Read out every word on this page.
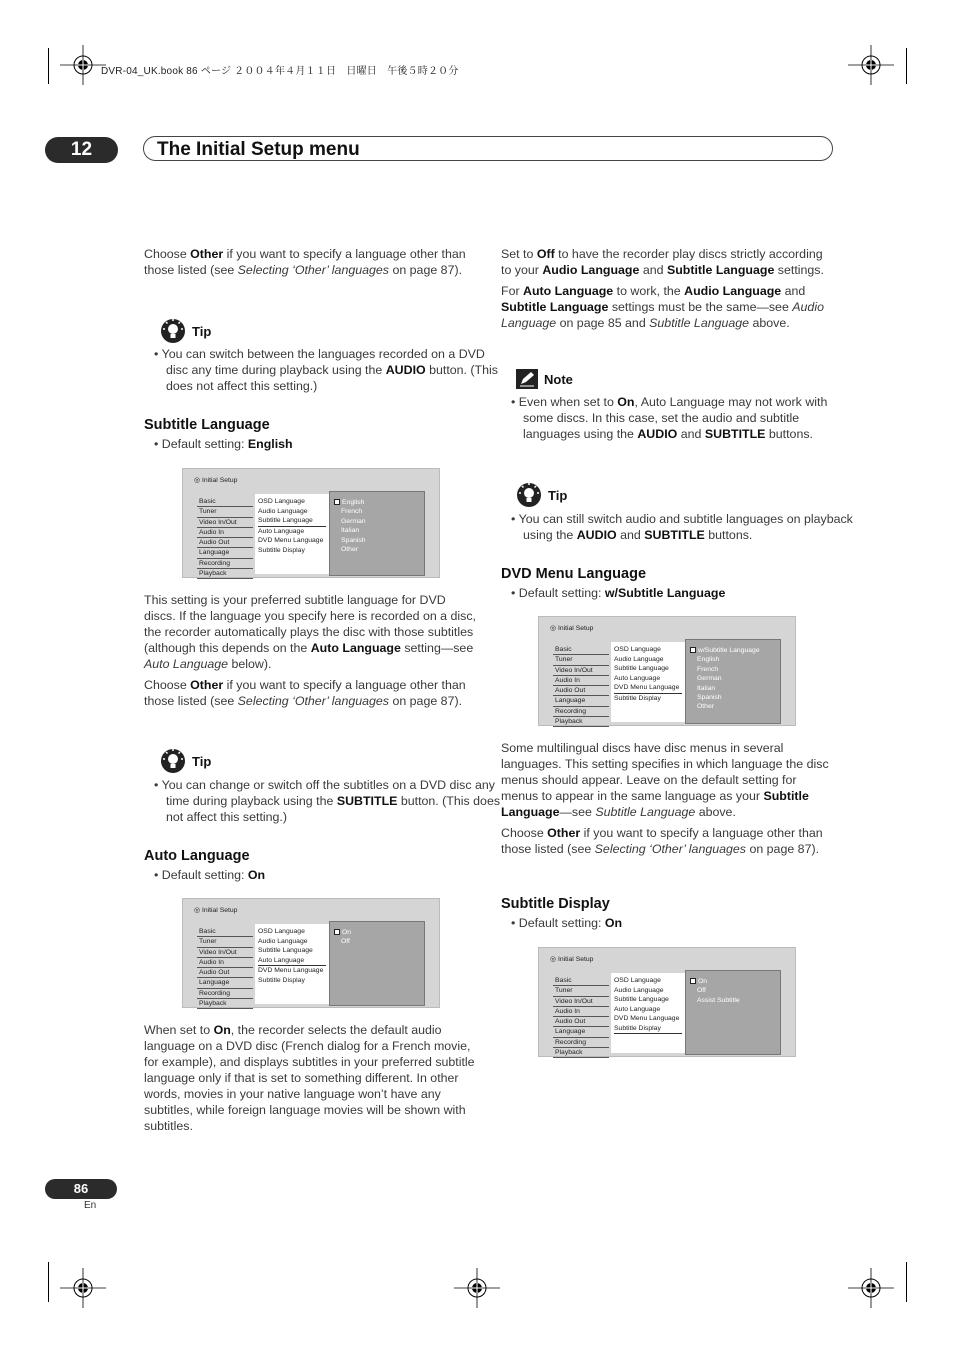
DVR-04_UK.book 86 ページ ２００４年４月１１日　日曜日　午後５時２０分
12	The Initial Setup menu

Choose Other if you want to specify a language other than those listed (see Selecting ‘Other’ languages on page 87).

Tip
• You can switch between the languages recorded on a DVD disc any time during playback using the AUDIO button. (This does not affect this setting.)
Subtitle Language
• Default setting: English
◎ Initial Setup
Basic
Tuner
Video In/Out
Audio In
Audio Out
Language
Recording
Playback
OSD Language
Audio Language
Subtitle Language
Auto Language
DVD Menu Language
Subtitle Display
English
French
German
Italian
Spanish
Other

This setting is your preferred subtitle language for DVD discs. If the language you specify here is recorded on a disc, the recorder automatically plays the disc with those subtitles (although this depends on the Auto Language setting—see Auto Language below).

Choose Other if you want to specify a language other than those listed (see Selecting ‘Other’ languages on page 87).

Tip
• You can change or switch off the subtitles on a DVD disc any time during playback using the SUBTITLE button. (This does not affect this setting.)
Auto Language
• Default setting: On
◎ Initial Setup
Basic
Tuner
Video In/Out
Audio In
Audio Out
Language
Recording
Playback
OSD Language
Audio Language
Subtitle Language
Auto Language
DVD Menu Language
Subtitle Display
On
Off

When set to On, the recorder selects the default audio language on a DVD disc (French dialog for a French movie, for example), and displays subtitles in your preferred subtitle language only if that is set to something different. In other words, movies in your native language won’t have any subtitles, while foreign language movies will be shown with subtitles.

Set to Off to have the recorder play discs strictly according to your Audio Language and Subtitle Language settings.

For Auto Language to work, the Audio Language and Subtitle Language settings must be the same—see Audio Language on page 85 and Subtitle Language above.

Note
• Even when set to On, Auto Language may not work with some discs. In this case, set the audio and subtitle languages using the AUDIO and SUBTITLE buttons.
Tip
• You can still switch audio and subtitle languages on playback using the AUDIO and SUBTITLE buttons.
DVD Menu Language
• Default setting: w/Subtitle Language
◎ Initial Setup
Basic
Tuner
Video In/Out
Audio In
Audio Out
Language
Recording
Playback
OSD Language
Audio Language
Subtitle Language
Auto Language
DVD Menu Language
Subtitle Display
w/Subtitle Language
English
French
German
Italian
Spanish
Other

Some multilingual discs have disc menus in several languages. This setting specifies in which language the disc menus should appear. Leave on the default setting for menus to appear in the same language as your Subtitle Language—see Subtitle Language above.

Choose Other if you want to specify a language other than those listed (see Selecting ‘Other’ languages on page 87).

Subtitle Display
• Default setting: On
◎ Initial Setup
Basic
Tuner
Video In/Out
Audio In
Audio Out
Language
Recording
Playback
OSD Language
Audio Language
Subtitle Language
Auto Language
DVD Menu Language
Subtitle Display
On
Off
Assist Subtitle
86
En
